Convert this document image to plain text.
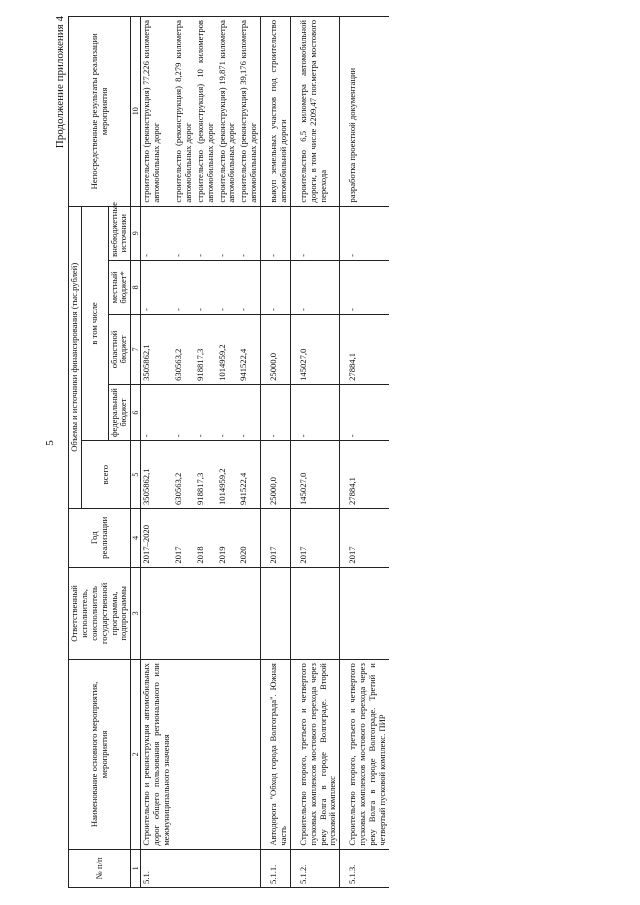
5
Продолжение приложения 4
№ п/п	Наименование основного мероприятия, мероприятия	Ответственный исполнитель, соисполнитель государственной программы, подпрограммы	Год реализации	Объемы и источники финансирования (тыс.рублей)					Непосредственные результаты реализации мероприятия
				всего	в том числе				
					федеральный бюджет	областной бюджет	местный бюджет*	внебюджетные источники	
1	2	3	4	5	6	7	8	9	10
5.1.	Строительство и реконструкция автомобильных дорог общего пользования регионального или межмуниципального значения		2017–2020	3505862,1	-	3505862,1	-	-	строительство (реконструкция) 77,226 километра автомобильных дорог
			2017	630563,2	-	630563,2	-	-	строительство (реконструкция) 8,279 километра автомобильных дорог
			2018	918817,3	-	918817,3	-	-	строительство (реконструкция) 10 километров автомобильных дорог
			2019	1014959,2	-	1014959,2	-	-	строительство (реконструкция) 19,871 километра автомобильных дорог
			2020	941522,4	-	941522,4	-	-	строительство (реконструкция) 39,176 километра автомобильных дорог
5.1.1.	Автодорога "Обход города Волгограда". Южная часть		2017	25000,0	-	25000,0	-	-	выкуп земельных участков под строительство автомобильной дороги
5.1.2.	Строительство второго, третьего и четвертого пусковых комплексов мостового перехода через реку Волга в городе Волгограде. Второй пусковой комплекс		2017	145027,0	-	145027,0	-	-	строительство 6,5 километра автомобильной дороги, в том числе 2209,47 пог.метра мостового перехода
5.1.3.	Строительство второго, третьего и четвертого пусковых комплексов мостового перехода через реку Волга в городе Волгограде. Третий и четвертый пусковой комплекс. ПИР		2017	27884,1	-	27884,1	-	-	разработка проектной документации
